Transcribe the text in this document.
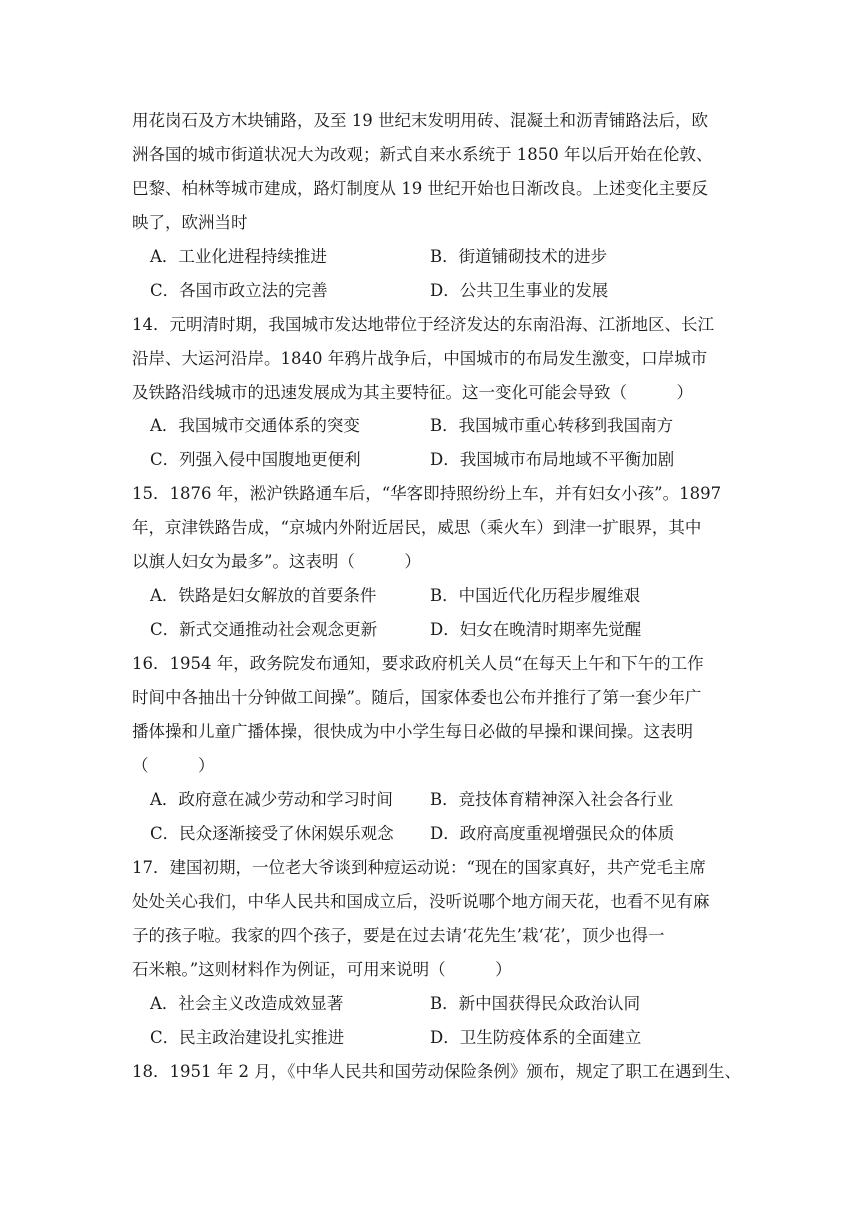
用花岗石及方木块铺路，及至 19 世纪末发明用砖、混凝土和沥青铺路法后，欧
洲各国的城市街道状况大为改观；新式自来水系统于 1850 年以后开始在伦敦、
巴黎、柏林等城市建成，路灯制度从 19 世纪开始也日渐改良。上述变化主要反
映了，欧洲当时
A．工业化进程持续推进	B．街道铺砌技术的进步
C．各国市政立法的完善	D．公共卫生事业的发展
14．元明清时期，我国城市发达地带位于经济发达的东南沿海、江浙地区、长江
沿岸、大运河沿岸。1840 年鸦片战争后，中国城市的布局发生激变，口岸城市
及铁路沿线城市的迅速发展成为其主要特征。这一变化可能会导致（　　　）
A．我国城市交通体系的突变	B．我国城市重心转移到我国南方
C．列强入侵中国腹地更便利	D．我国城市布局地域不平衡加剧
15．1876 年，淞沪铁路通车后，“华客即持照纷纷上车，并有妇女小孩”。1897
年，京津铁路告成，“京城内外附近居民，威思（乘火车）到津一扩眼界，其中
以旗人妇女为最多”。这表明（　　　）
A．铁路是妇女解放的首要条件	B．中国近代化历程步履维艰
C．新式交通推动社会观念更新	D．妇女在晚清时期率先觉醒
16．1954 年，政务院发布通知，要求政府机关人员“在每天上午和下午的工作
时间中各抽出十分钟做工间操”。随后，国家体委也公布并推行了第一套少年广
播体操和儿童广播体操，很快成为中小学生每日必做的早操和课间操。这表明
（　　　）
A．政府意在减少劳动和学习时间 B．竞技体育精神深入社会各行业
C．民众逐渐接受了休闲娱乐观念 D．政府高度重视增强民众的体质
17．建国初期，一位老大爷谈到种痘运动说：“现在的国家真好，共产党毛主席
处处关心我们，中华人民共和国成立后，没听说哪个地方闹天花，也看不见有麻
子的孩子啦。我家的四个孩子，要是在过去请‘花先生’栽‘花’，顶少也得一
石米粮。”这则材料作为例证，可用来说明（　　　）
A．社会主义改造成效显著	B．新中国获得民众政治认同
C．民主政治建设扎实推进	D．卫生防疫体系的全面建立
18．1951 年 2 月，《中华人民共和国劳动保险条例》颁布，规定了职工在遇到生、
